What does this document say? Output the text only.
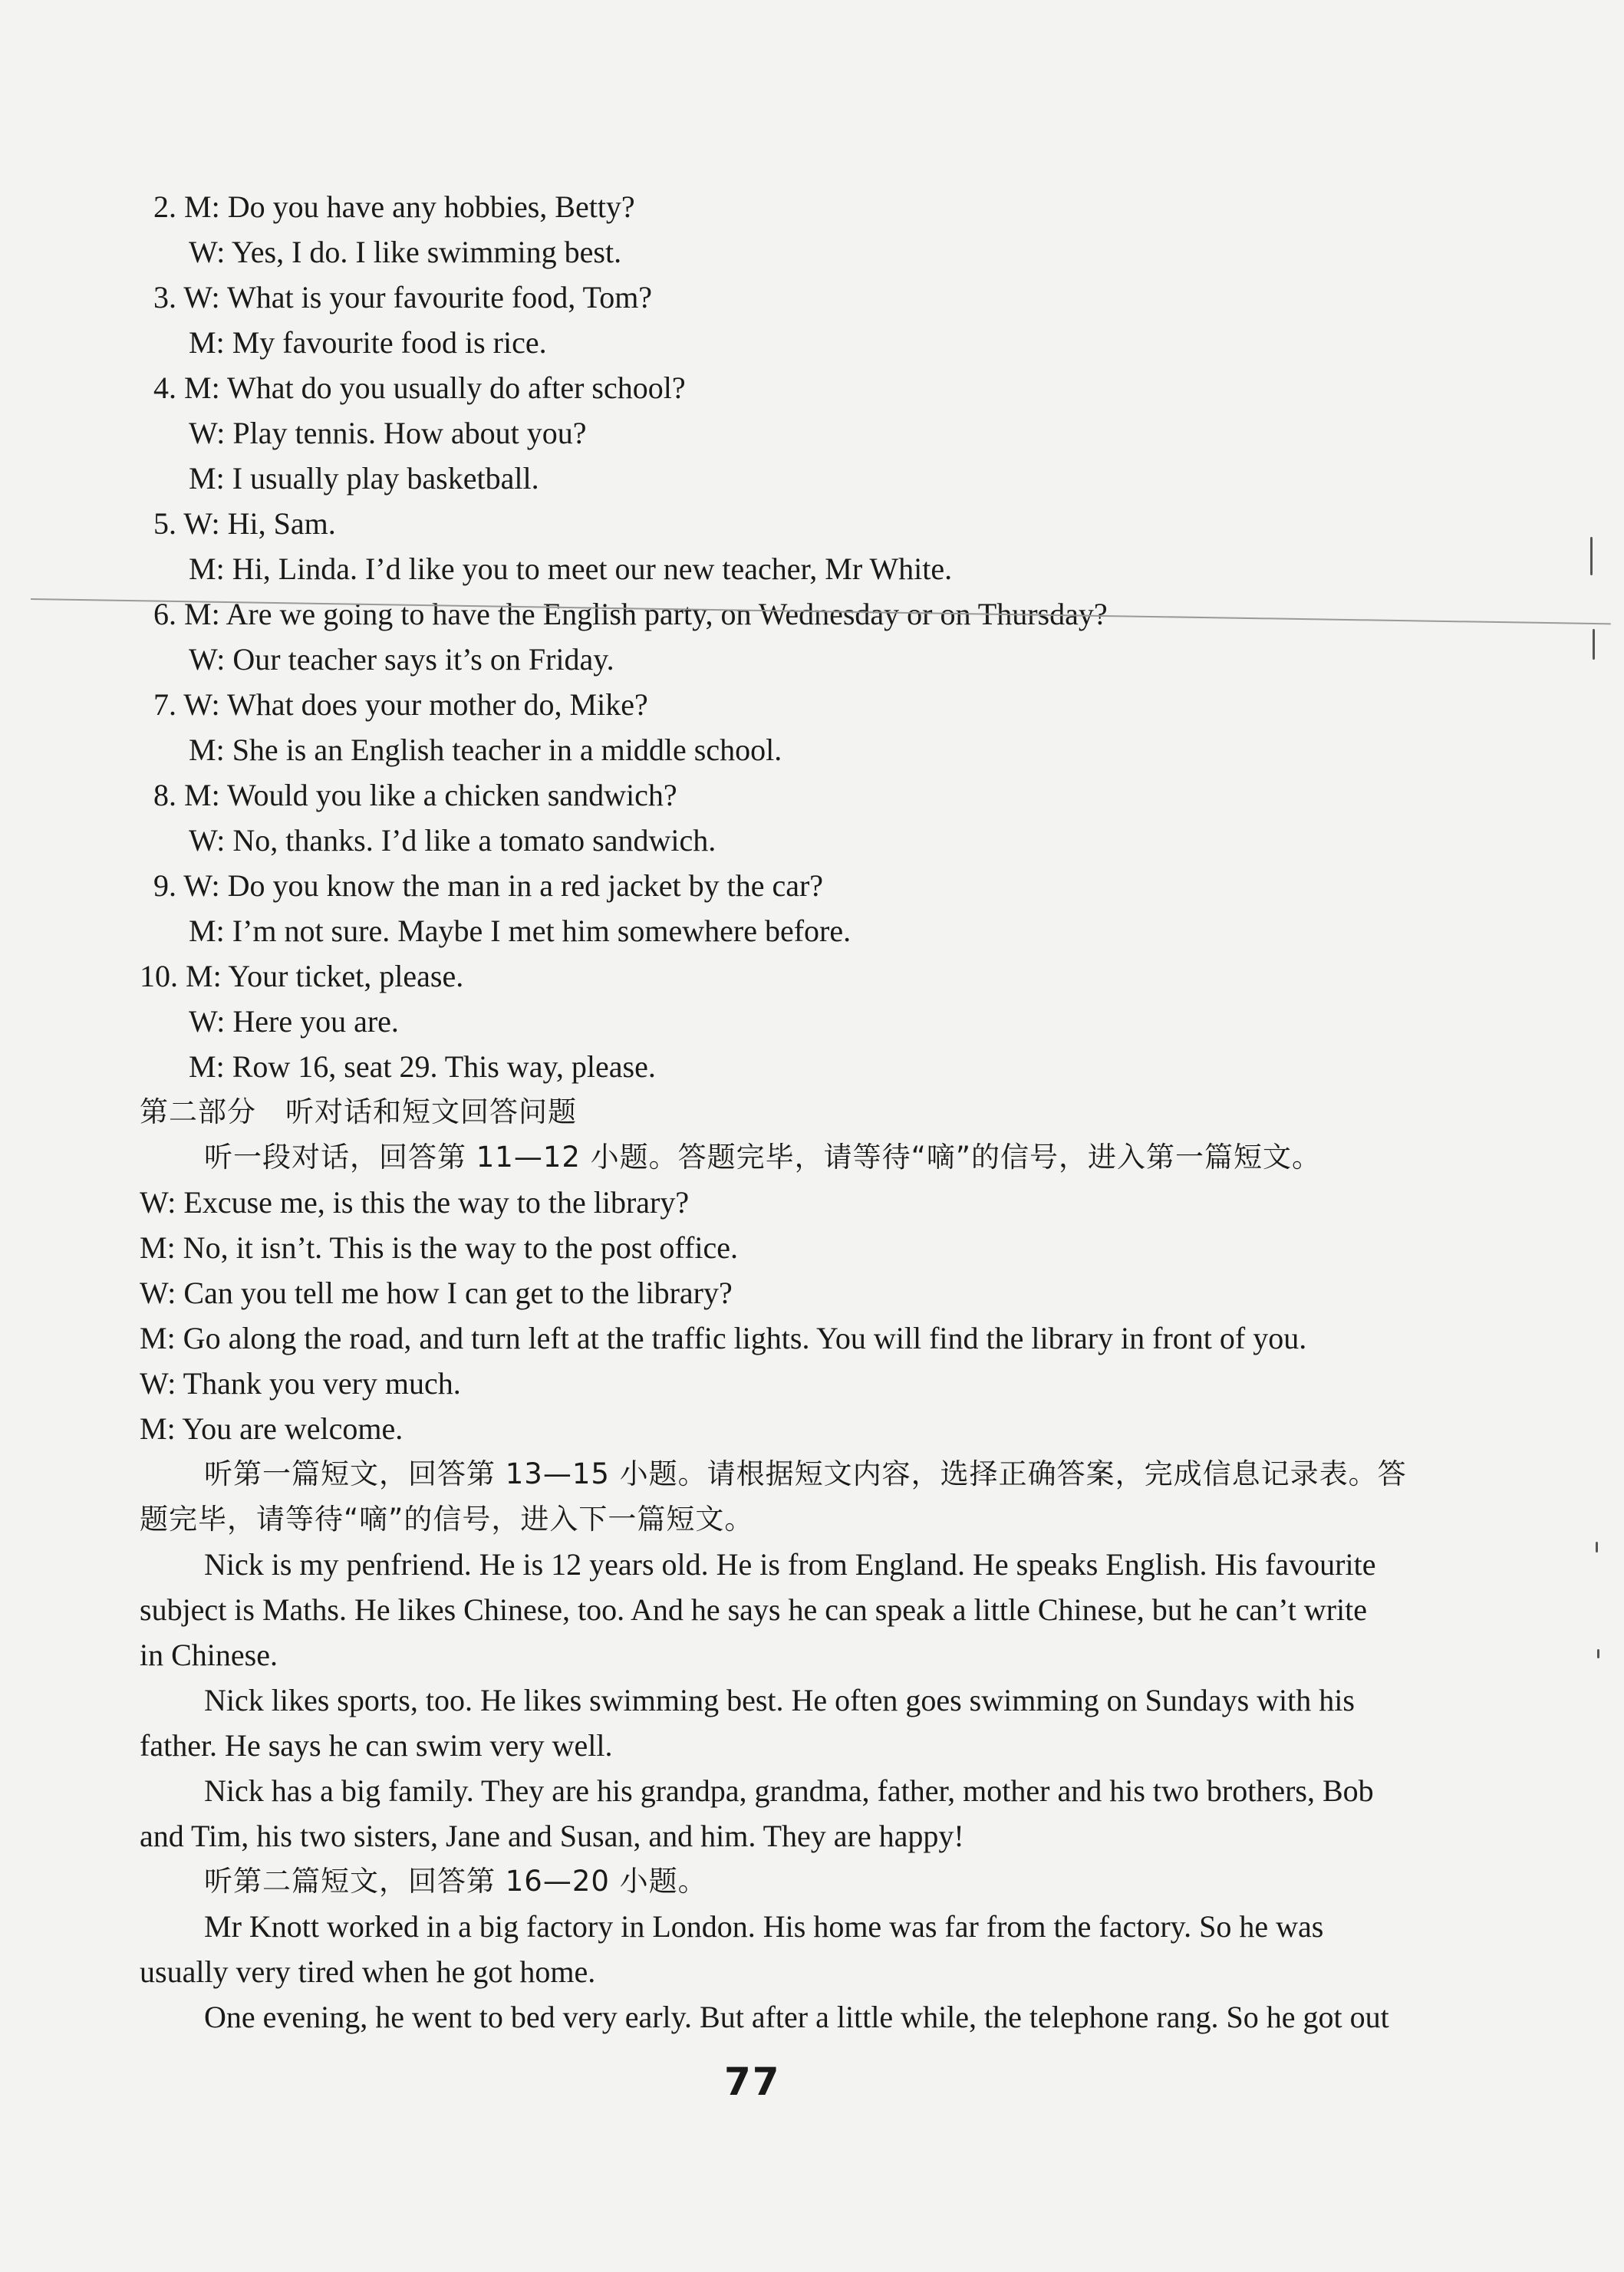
2. M: Do you have any hobbies, Betty?
W: Yes, I do. I like swimming best.
3. W: What is your favourite food, Tom?
M: My favourite food is rice.
4. M: What do you usually do after school?
W: Play tennis. How about you?
M: I usually play basketball.
5. W: Hi, Sam.
M: Hi, Linda. I’d like you to meet our new teacher, Mr White.
6. M: Are we going to have the English party, on Wednesday or on Thursday?
W: Our teacher says it’s on Friday.
7. W: What does your mother do, Mike?
M: She is an English teacher in a middle school.
8. M: Would you like a chicken sandwich?
W: No, thanks. I’d like a tomato sandwich.
9. W: Do you know the man in a red jacket by the car?
M: I’m not sure. Maybe I met him somewhere before.
10. M: Your ticket, please.
W: Here you are.
M: Row 16, seat 29. This way, please.
第二部分　听对话和短文回答问题
听一段对话，回答第 11—12 小题。答题完毕，请等待“嘀”的信号，进入第一篇短文。
W: Excuse me, is this the way to the library?
M: No, it isn’t. This is the way to the post office.
W: Can you tell me how I can get to the library?
M: Go along the road, and turn left at the traffic lights. You will find the library in front of you.
W: Thank you very much.
M: You are welcome.
听第一篇短文，回答第 13—15 小题。请根据短文内容，选择正确答案，完成信息记录表。答
题完毕，请等待“嘀”的信号，进入下一篇短文。
Nick is my penfriend. He is 12 years old. He is from England. He speaks English. His favourite
subject is Maths. He likes Chinese, too. And he says he can speak a little Chinese, but he can’t write
in Chinese.
Nick likes sports, too. He likes swimming best. He often goes swimming on Sundays with his
father. He says he can swim very well.
Nick has a big family. They are his grandpa, grandma, father, mother and his two brothers, Bob
and Tim, his two sisters, Jane and Susan, and him. They are happy!
听第二篇短文，回答第 16—20 小题。
Mr Knott worked in a big factory in London. His home was far from the factory. So he was
usually very tired when he got home.
One evening, he went to bed very early. But after a little while, the telephone rang. So he got out
77
